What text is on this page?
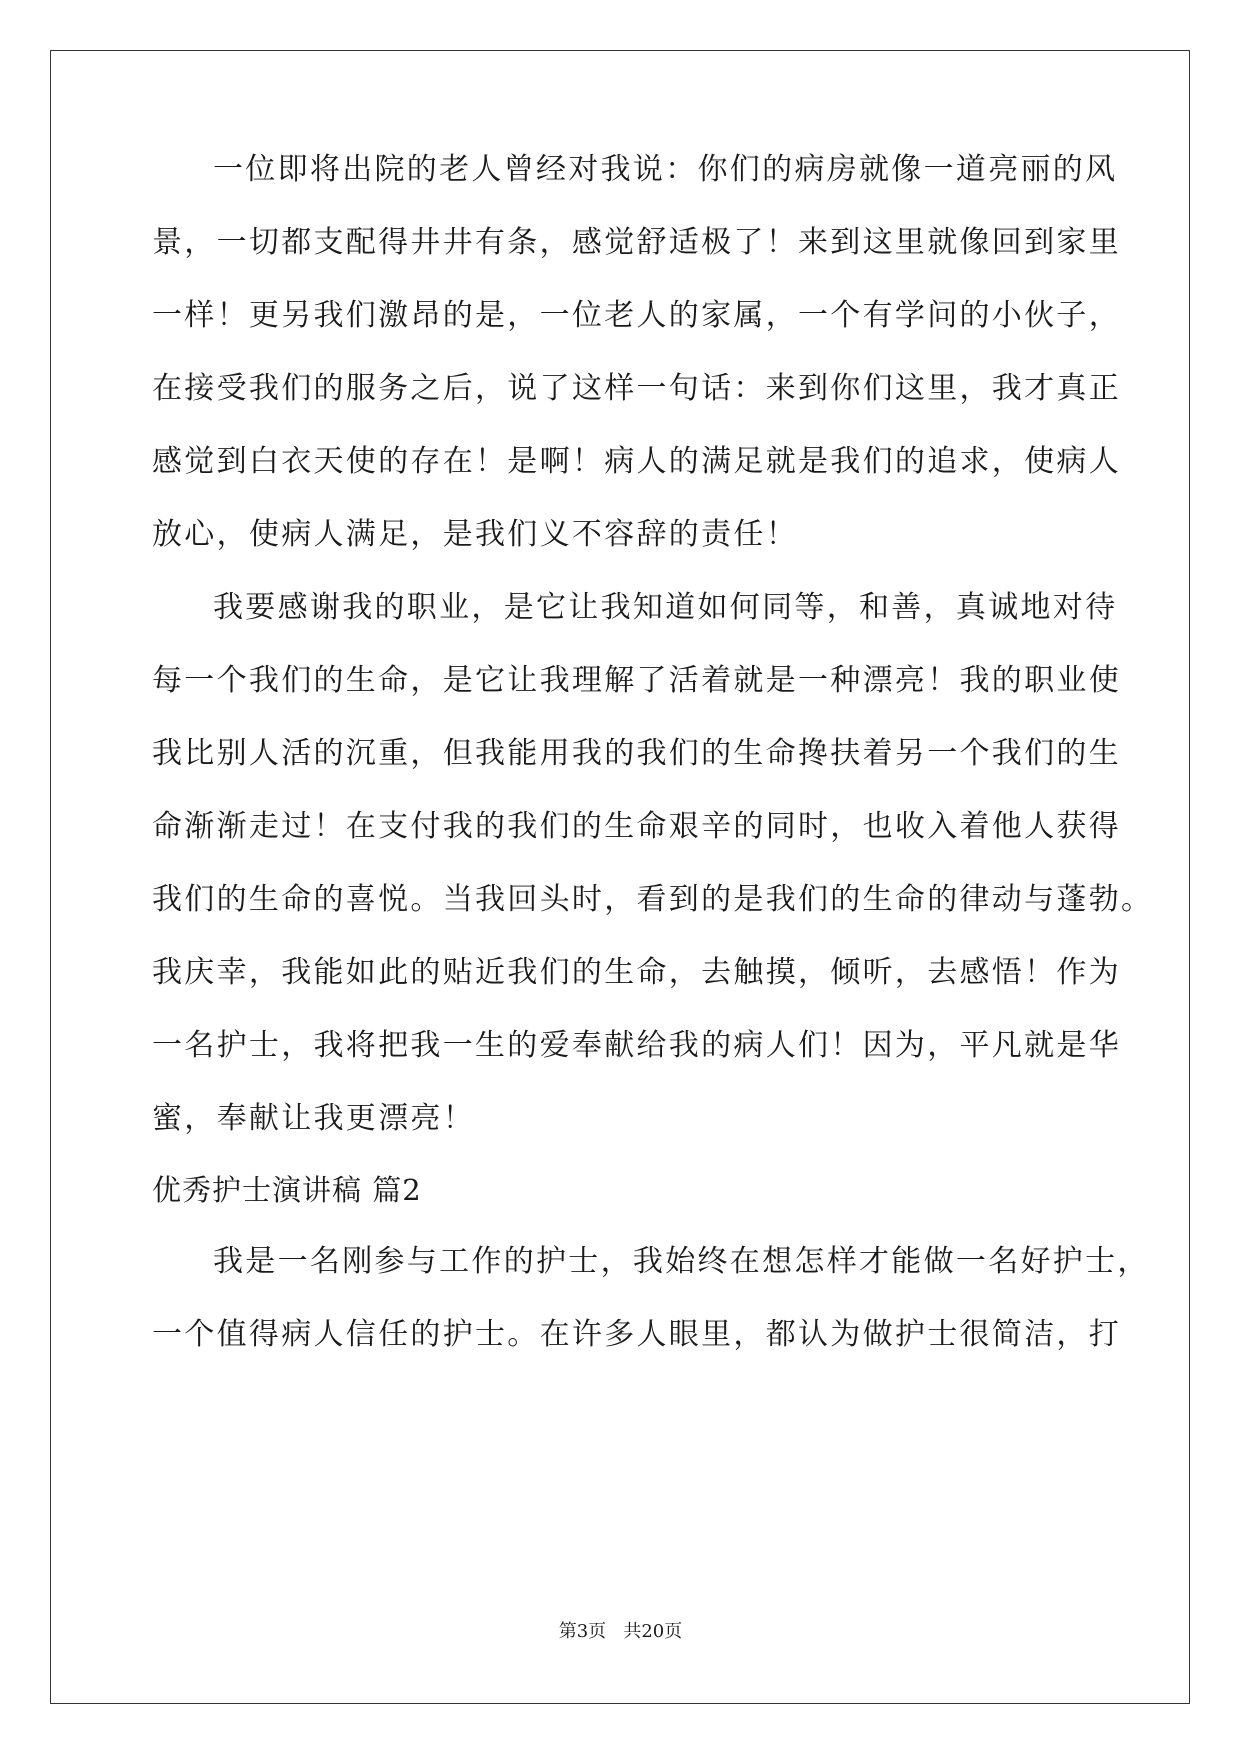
一位即将出院的老人曾经对我说：你们的病房就像一道亮丽的风

景，一切都支配得井井有条，感觉舒适极了！来到这里就像回到家里

一样！更另我们激昂的是，一位老人的家属，一个有学问的小伙子，

在接受我们的服务之后，说了这样一句话：来到你们这里，我才真正

感觉到白衣天使的存在！是啊！病人的满足就是我们的追求，使病人

放心，使病人满足，是我们义不容辞的责任！

我要感谢我的职业，是它让我知道如何同等，和善，真诚地对待

每一个我们的生命，是它让我理解了活着就是一种漂亮！我的职业使

我比别人活的沉重，但我能用我的我们的生命搀扶着另一个我们的生

命渐渐走过！在支付我的我们的生命艰辛的同时，也收入着他人获得

我们的生命的喜悦。当我回头时，看到的是我们的生命的律动与蓬勃。

我庆幸，我能如此的贴近我们的生命，去触摸，倾听，去感悟！作为

一名护士，我将把我一生的爱奉献给我的病人们！因为，平凡就是华

蜜，奉献让我更漂亮！

优秀护士演讲稿 篇2

我是一名刚参与工作的护士，我始终在想怎样才能做一名好护士，

一个值得病人信任的护士。在许多人眼里，都认为做护士很简洁，打

第3页   共20页
